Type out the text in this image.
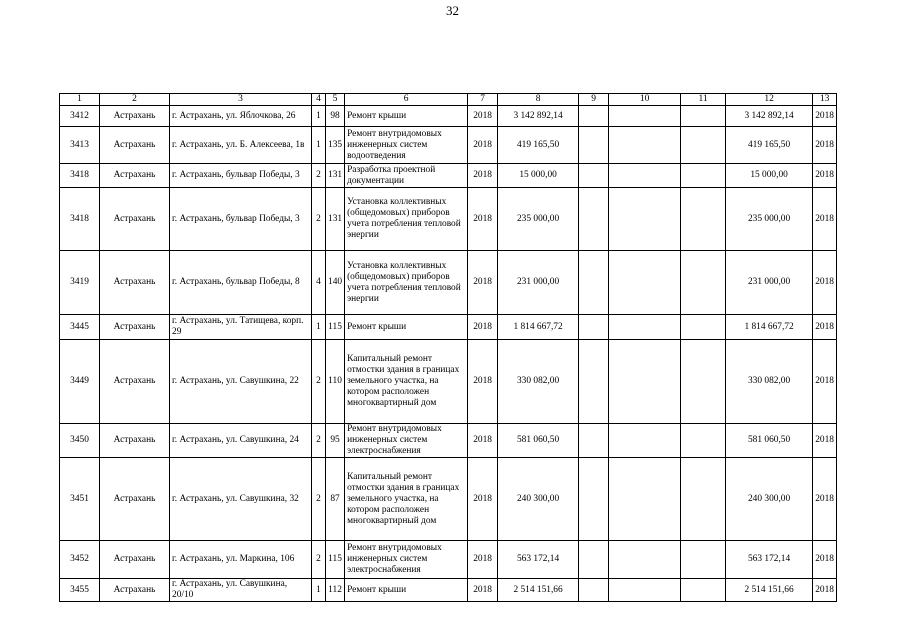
32
1	2	3	4	5	6	7	8	9	10	11	12	13
3412	Астрахань	г. Астрахань, ул. Яблочкова, 26	1	98	Ремонт крыши	2018	3 142 892,14				3 142 892,14	2018
3413	Астрахань	г. Астрахань, ул. Б. Алексеева, 1в	1	135	Ремонт внутридомовых инженерных систем водоотведения	2018	419 165,50				419 165,50	2018
3418	Астрахань	г. Астрахань, бульвар Победы, 3	2	131	Разработка проектной документации	2018	15 000,00				15 000,00	2018
3418	Астрахань	г. Астрахань, бульвар Победы, 3	2	131	Установка коллективных (общедомовых) приборов учета потребления тепловой энергии	2018	235 000,00				235 000,00	2018
3419	Астрахань	г. Астрахань, бульвар Победы, 8	4	140	Установка коллективных (общедомовых) приборов учета потребления тепловой энергии	2018	231 000,00				231 000,00	2018
3445	Астрахань	г. Астрахань, ул. Татищева, корп. 29	1	115	Ремонт крыши	2018	1 814 667,72				1 814 667,72	2018
3449	Астрахань	г. Астрахань, ул. Савушкина, 22	2	110	Капитальный ремонт отмостки здания в границах земельного участка, на котором расположен многоквартирный дом	2018	330 082,00				330 082,00	2018
3450	Астрахань	г. Астрахань, ул. Савушкина, 24	2	95	Ремонт внутридомовых инженерных систем электроснабжения	2018	581 060,50				581 060,50	2018
3451	Астрахань	г. Астрахань, ул. Савушкина, 32	2	87	Капитальный ремонт отмостки здания в границах земельного участка, на котором расположен многоквартирный дом	2018	240 300,00				240 300,00	2018
3452	Астрахань	г. Астрахань, ул. Маркина, 106	2	115	Ремонт внутридомовых инженерных систем электроснабжения	2018	563 172,14				563 172,14	2018
3455	Астрахань	г. Астрахань, ул. Савушкина, 20/10	1	112	Ремонт крыши	2018	2 514 151,66				2 514 151,66	2018
